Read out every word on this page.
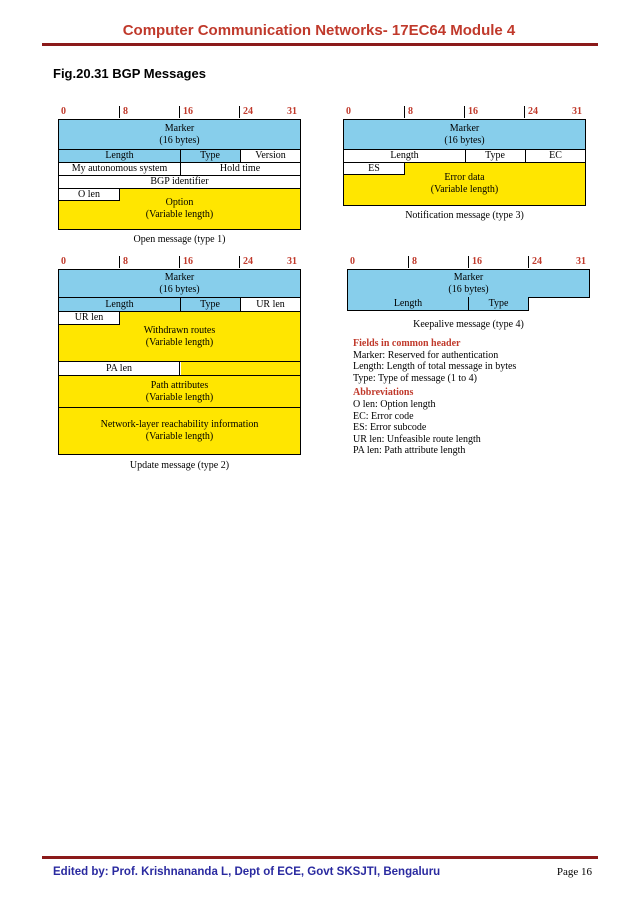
Computer Communication Networks- 17EC64 Module 4
Fig.20.31 BGP Messages
0	8	16	24	31
Marker
(16 bytes)
Length	Type	Version
My autonomous system	Hold time
BGP identifier
Option
(Variable length)
O len
Open message (type 1)
0	8	16	24	31
Marker
(16 bytes)
Length	Type	EC
Error data
(Variable length)
ES
Notification message (type 3)
0	8	16	24	31
Marker
(16 bytes)
Length	Type	UR len
Withdrawn routes
(Variable length)
UR len
PA len
Path attributes
(Variable length)
Network-layer reachability information
(Variable length)
Update message (type 2)
0	8	16	24	31
Marker
(16 bytes)
Length	Type
Keepalive message (type 4)
Fields in common header
Marker: Reserved for authentication
Length: Length of total message in bytes
Type: Type of message (1 to 4)
Abbreviations
O len: Option length
EC: Error code
ES: Error subcode
UR len: Unfeasible route length
PA len: Path attribute length
Edited by: Prof. Krishnananda L, Dept of ECE, Govt SKSJTI, Bengaluru	Page 16
